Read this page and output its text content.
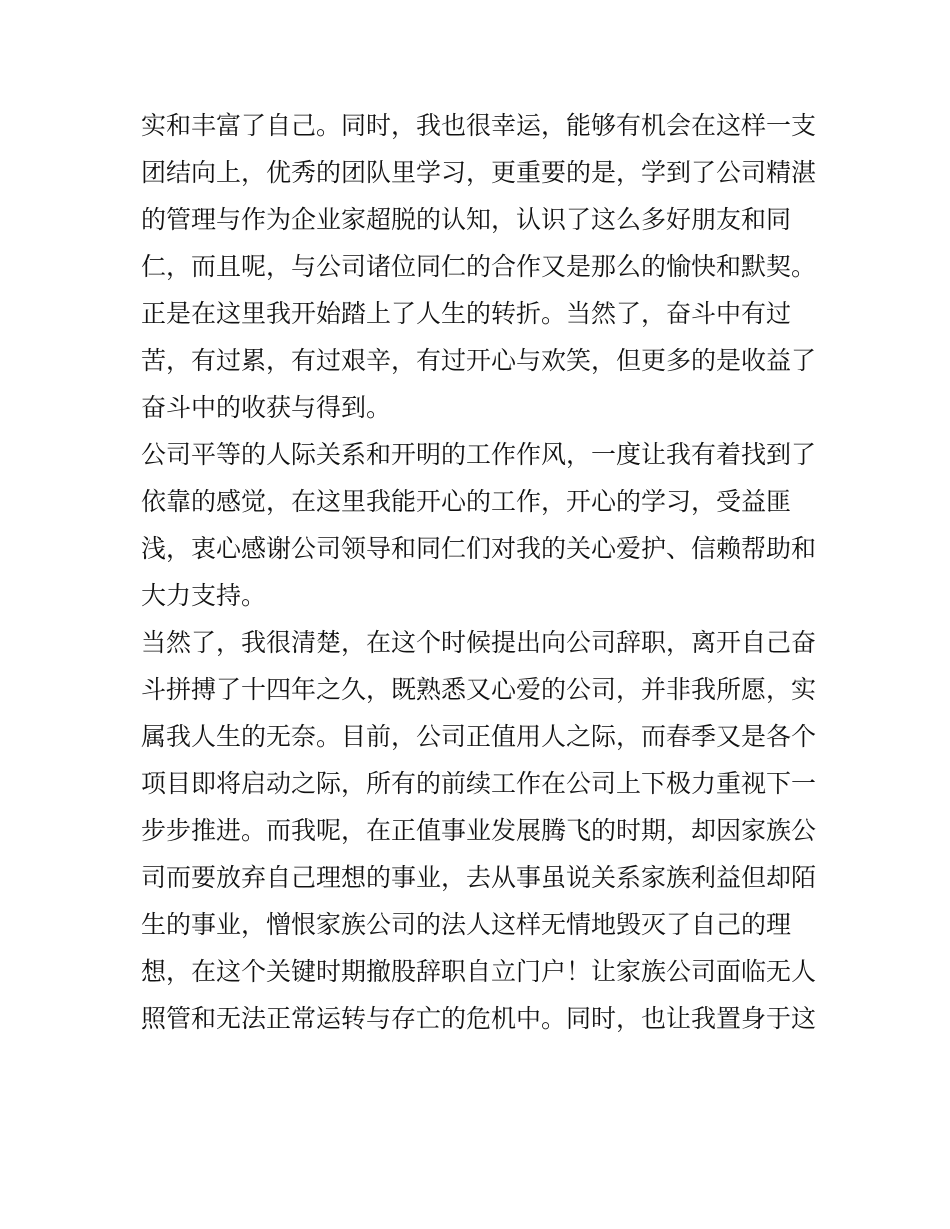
实和丰富了自己。同时，我也很幸运，能够有机会在这样一支
团结向上，优秀的团队里学习，更重要的是，学到了公司精湛
的管理与作为企业家超脱的认知，认识了这么多好朋友和同
仁，而且呢，与公司诸位同仁的合作又是那么的愉快和默契。
正是在这里我开始踏上了人生的转折。当然了，奋斗中有过
苦，有过累，有过艰辛，有过开心与欢笑，但更多的是收益了
奋斗中的收获与得到。
公司平等的人际关系和开明的工作作风，一度让我有着找到了
依靠的感觉，在这里我能开心的工作，开心的学习，受益匪
浅，衷心感谢公司领导和同仁们对我的关心爱护、信赖帮助和
大力支持。
当然了，我很清楚，在这个时候提出向公司辞职，离开自己奋
斗拼搏了十四年之久，既熟悉又心爱的公司，并非我所愿，实
属我人生的无奈。目前，公司正值用人之际，而春季又是各个
项目即将启动之际，所有的前续工作在公司上下极力重视下一
步步推进。而我呢，在正值事业发展腾飞的时期，却因家族公
司而要放弃自己理想的事业，去从事虽说关系家族利益但却陌
生的事业，憎恨家族公司的法人这样无情地毁灭了自己的理
想，在这个关键时期撤股辞职自立门户！让家族公司面临无人
照管和无法正常运转与存亡的危机中。同时，也让我置身于这
